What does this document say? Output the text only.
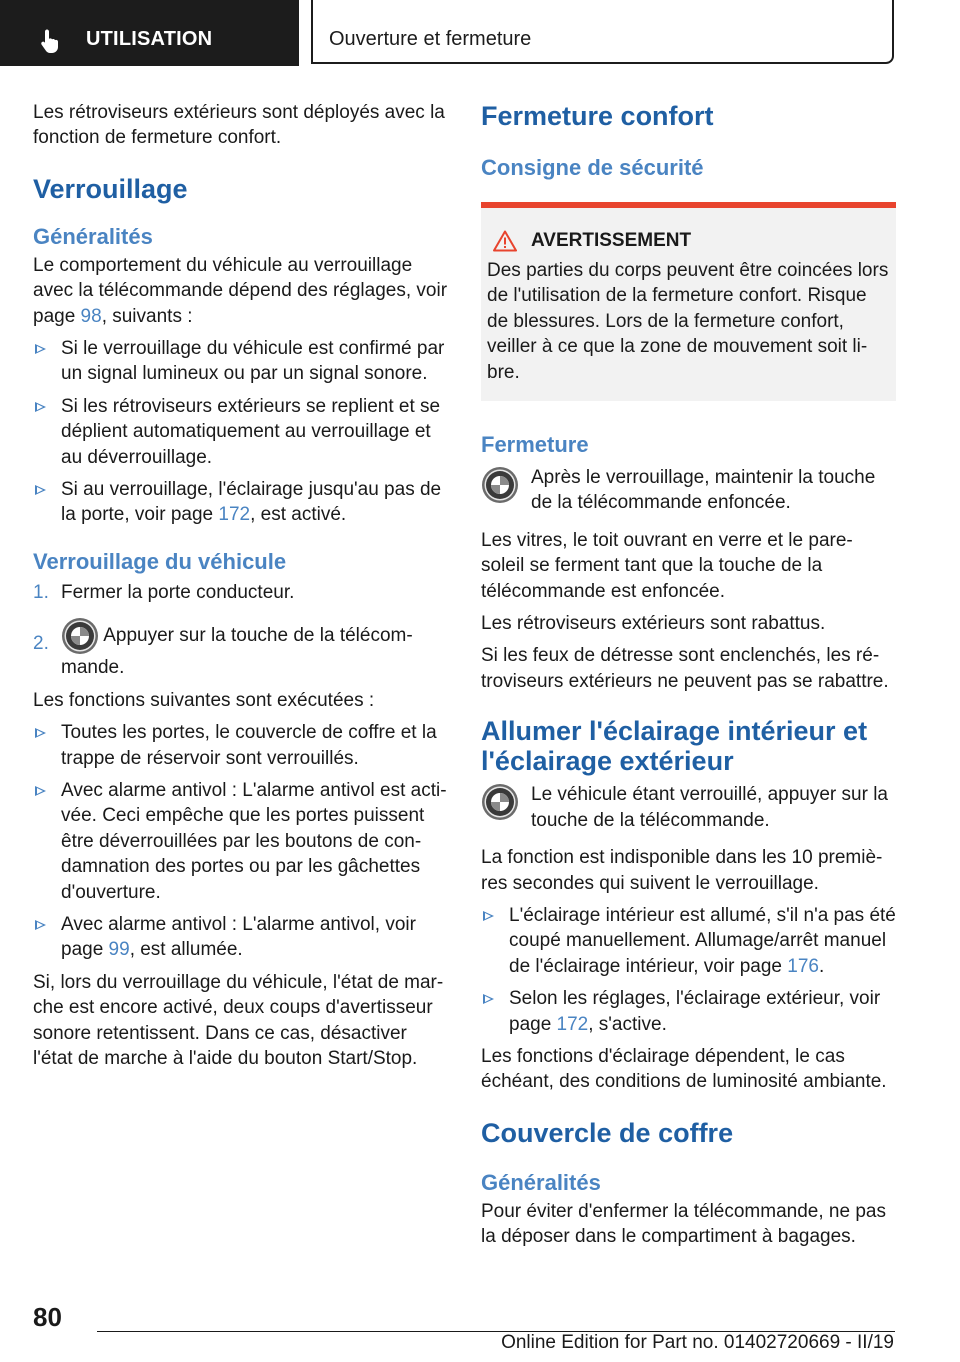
UTILISATION	Ouverture et fermeture

Les rétroviseurs extérieurs sont déployés avec la fonction de fermeture confort.

Verrouillage
Généralités

Le comportement du véhicule au verrouillage avec la télécommande dépend des réglages, voir page 98, suivants :

Si le verrouillage du véhicule est confirmé par un signal lumineux ou par un signal sonore.
Si les rétroviseurs extérieurs se replient et se déplient automatiquement au verrouillage et au déverrouillage.
Si au verrouillage, l'éclairage jusqu'au pas de la porte, voir page 172, est activé.
Verrouillage du véhicule
1. Fermer la porte conducteur.
2.	Appuyer sur la touche de la télécommande.

Les fonctions suivantes sont exécutées :

Toutes les portes, le couvercle de coffre et la trappe de réservoir sont verrouillés.
Avec alarme antivol : L'alarme antivol est activée. Ceci empêche que les portes puissent être déverrouillées par les boutons de condamnation des portes ou par les gâchettes d'ouverture.
Avec alarme antivol : L'alarme antivol, voir page 99, est allumée.

Si, lors du verrouillage du véhicule, l'état de marche est encore activé, deux coups d'avertisseur sonore retentissent. Dans ce cas, désactiver l'état de marche à l'aide du bouton Start/Stop.

Fermeture confort
Consigne de sécurité
AVERTISSEMENT

Des parties du corps peuvent être coincées lors de l'utilisation de la fermeture confort. Risque de blessures. Lors de la fermeture confort, veiller à ce que la zone de mouvement soit libre.

Fermeture

Après le verrouillage, maintenir la touche de la télécommande enfoncée.

Les vitres, le toit ouvrant en verre et le pare-soleil se ferment tant que la touche de la télécommande est enfoncée.

Les rétroviseurs extérieurs sont rabattus.

Si les feux de détresse sont enclenchés, les rétroviseurs extérieurs ne peuvent pas se rabattre.

Allumer l'éclairage intérieur et l'éclairage extérieur

Le véhicule étant verrouillé, appuyer sur la touche de la télécommande.

La fonction est indisponible dans les 10 premières secondes qui suivent le verrouillage.

L'éclairage intérieur est allumé, s'il n'a pas été coupé manuellement. Allumage/arrêt manuel de l'éclairage intérieur, voir page 176.
Selon les réglages, l'éclairage extérieur, voir page 172, s'active.

Les fonctions d'éclairage dépendent, le cas échéant, des conditions de luminosité ambiante.

Couvercle de coffre
Généralités

Pour éviter d'enfermer la télécommande, ne pas la déposer dans le compartiment à bagages.

80
Online Edition for Part no. 01402720669 - II/19
